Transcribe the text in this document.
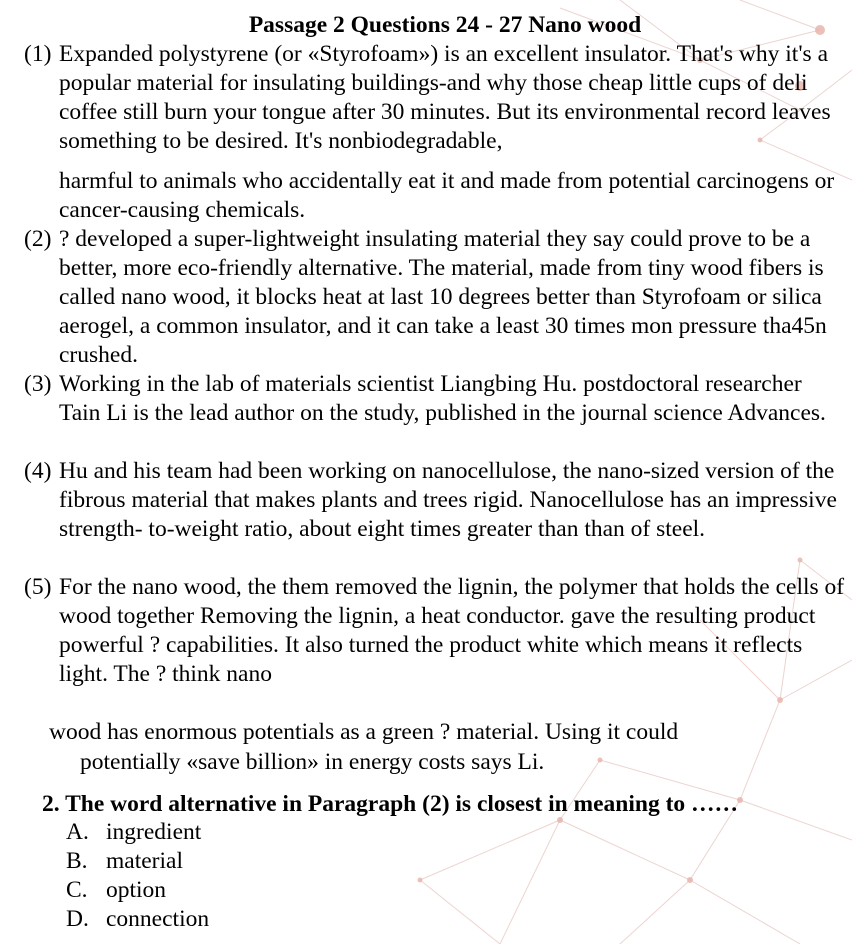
Passage 2 Questions 24 - 27 Nano wood
(1) Expanded polystyrene (or «Styrofoam») is an excellent insulator. That's why it's a popular material for insulating buildings-and why those cheap little cups of deli coffee still burn your tongue after 30 minutes. But its environmental record leaves something to be desired. It's nonbiodegradable,
harmful to animals who accidentally eat it and made from potential carcinogens or cancer-causing chemicals.
(2) ? developed a super-lightweight insulating material they say could prove to be a better, more eco-friendly alternative. The material, made from tiny wood fibers is called nano wood, it blocks heat at last 10 degrees better than Styrofoam or silica aerogel, a common insulator, and it can take a least 30 times mon pressure tha45n crushed.
(3) Working in the lab of materials scientist Liangbing Hu. postdoctoral researcher Tain Li is the lead author on the study, published in the journal science Advances.
(4) Hu and his team had been working on nanocellulose, the nano-sized version of the fibrous material that makes plants and trees rigid. Nanocellulose has an impressive strength- to-weight ratio, about eight times greater than than of steel.
(5) For the nano wood, the them removed the lignin, the polymer that holds the cells of wood together Removing the lignin, a heat conductor. gave the resulting product powerful ? capabilities. It also turned the product white which means it reflects light. The ? think nano
wood has enormous potentials as a green ? material. Using it could
potentially «save billion» in energy costs says Li.
2. The word alternative in Paragraph (2) is closest in meaning to ……
A. ingredient
B. material
C. option
D. connection
